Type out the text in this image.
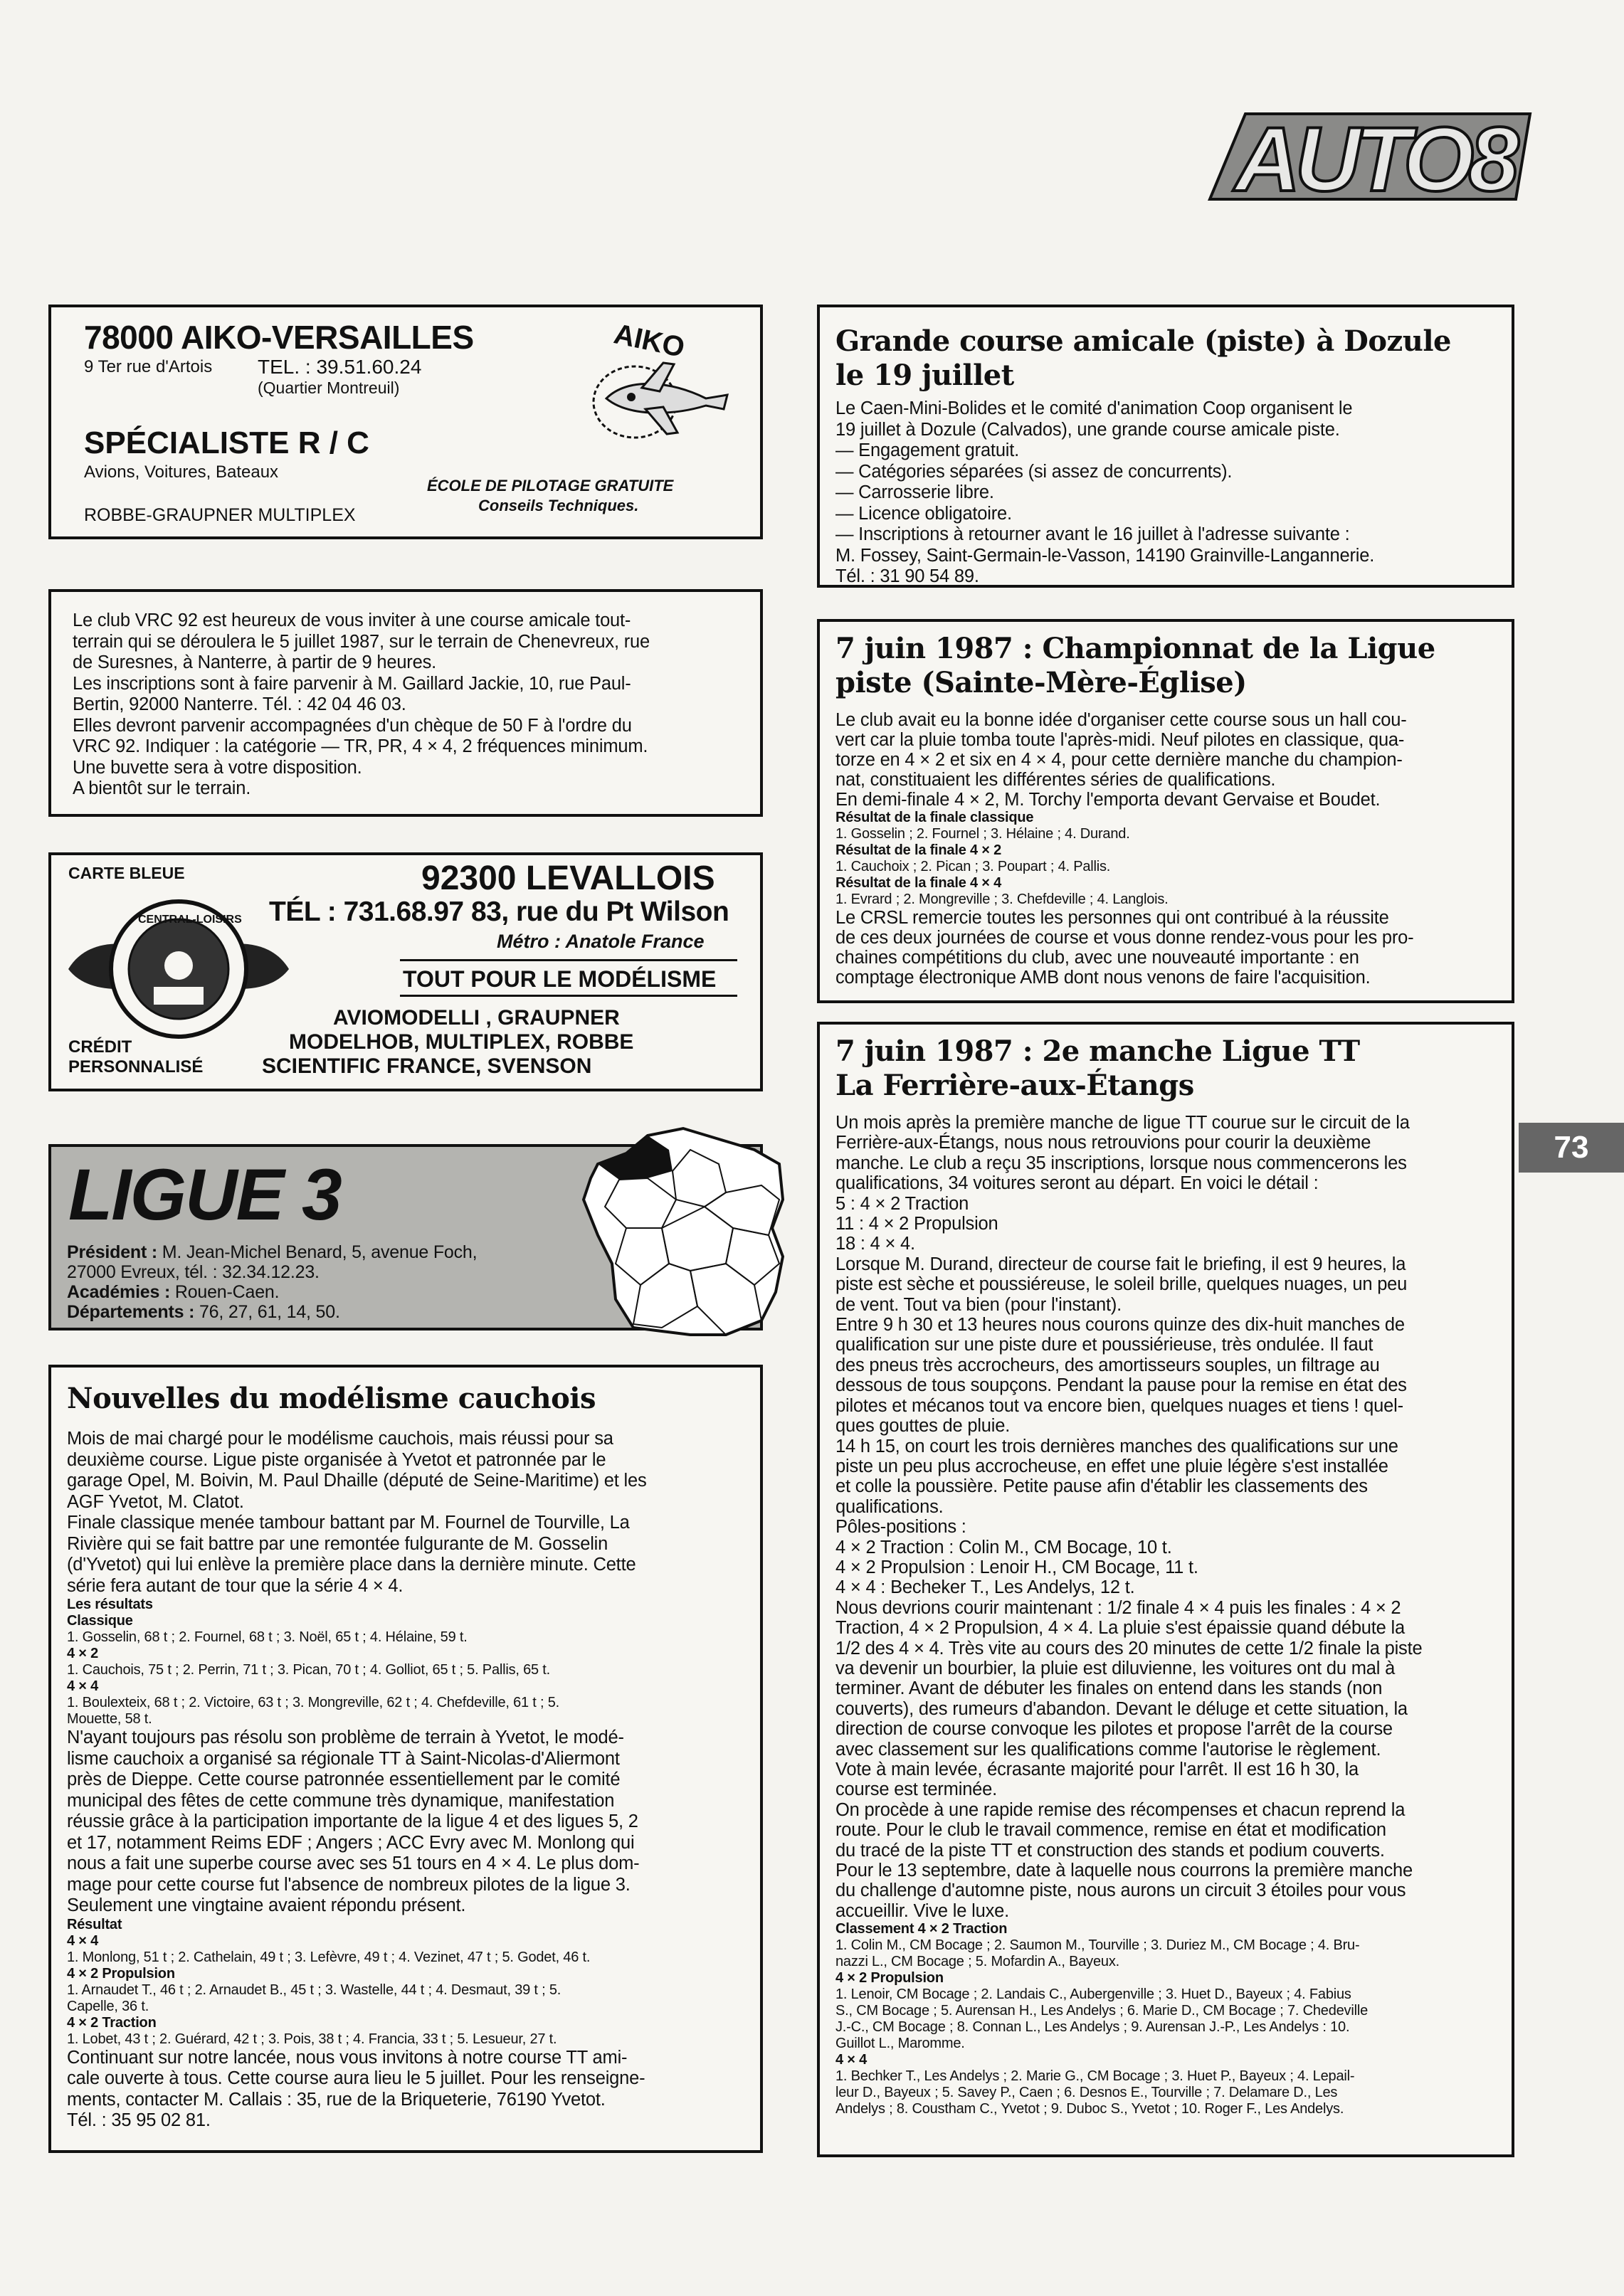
AUTO8
73
78000 AIKO-VERSAILLES
9 Ter rue d'Artois TEL. : 39.51.60.24
(Quartier Montreuil)
SPÉCIALISTE R / C
Avions, Voitures, Bateaux
ROBBE-GRAUPNER MULTIPLEX
ÉCOLE DE PILOTAGE GRATUITE
Conseils Techniques.
AIKO

Le club VRC 92 est heureux de vous inviter à une course amicale tout-

terrain qui se déroulera le 5 juillet 1987, sur le terrain de Chenevreux, rue

de Suresnes, à Nanterre, à partir de 9 heures.

Les inscriptions sont à faire parvenir à M. Gaillard Jackie, 10, rue Paul-

Bertin, 92000 Nanterre. Tél. : 42 04 46 03.

Elles devront parvenir accompagnées d'un chèque de 50 F à l'ordre du

VRC 92. Indiquer : la catégorie — TR, PR, 4 × 4, 2 fréquences minimum.

Une buvette sera à votre disposition.

A bientôt sur le terrain.

CARTE BLEUE
CENTRAL-LOISIRS
92300 LEVALLOIS
TÉL : 731.68.97 83, rue du Pt Wilson
Métro : Anatole France
TOUT POUR LE MODÉLISME
AVIOMODELLI , GRAUPNER
MODELHOB, MULTIPLEX, ROBBE
SCIENTIFIC FRANCE, SVENSON
CRÉDIT
PERSONNALISÉ
LIGUE 3

Président : M. Jean-Michel Benard, 5, avenue Foch,

27000 Evreux, tél. : 32.34.12.23.

Académies : Rouen-Caen.

Départements : 76, 27, 61, 14, 50.

Nouvelles du modélisme cauchois

Mois de mai chargé pour le modélisme cauchois, mais réussi pour sa

deuxième course. Ligue piste organisée à Yvetot et patronnée par le

garage Opel, M. Boivin, M. Paul Dhaille (député de Seine-Maritime) et les

AGF Yvetot, M. Clatot.

Finale classique menée tambour battant par M. Fournel de Tourville, La

Rivière qui se fait battre par une remontée fulgurante de M. Gosselin

(d'Yvetot) qui lui enlève la première place dans la dernière minute. Cette

série fera autant de tour que la série 4 × 4.

Les résultats

Classique

1. Gosselin, 68 t ; 2. Fournel, 68 t ; 3. Noël, 65 t ; 4. Hélaine, 59 t.

4 × 2

1. Cauchois, 75 t ; 2. Perrin, 71 t ; 3. Pican, 70 t ; 4. Golliot, 65 t ; 5. Pallis, 65 t.

4 × 4

1. Boulexteix, 68 t ; 2. Victoire, 63 t ; 3. Mongreville, 62 t ; 4. Chefdeville, 61 t ; 5.

Mouette, 58 t.

N'ayant toujours pas résolu son problème de terrain à Yvetot, le modé-

lisme cauchoix a organisé sa régionale TT à Saint-Nicolas-d'Aliermont

près de Dieppe. Cette course patronnée essentiellement par le comité

municipal des fêtes de cette commune très dynamique, manifestation

réussie grâce à la participation importante de la ligue 4 et des ligues 5, 2

et 17, notamment Reims EDF ; Angers ; ACC Evry avec M. Monlong qui

nous a fait une superbe course avec ses 51 tours en 4 × 4. Le plus dom-

mage pour cette course fut l'absence de nombreux pilotes de la ligue 3.

Seulement une vingtaine avaient répondu présent.

Résultat

4 × 4

1. Monlong, 51 t ; 2. Cathelain, 49 t ; 3. Lefèvre, 49 t ; 4. Vezinet, 47 t ; 5. Godet, 46 t.

4 × 2 Propulsion

1. Arnaudet T., 46 t ; 2. Arnaudet B., 45 t ; 3. Wastelle, 44 t ; 4. Desmaut, 39 t ; 5.

Capelle, 36 t.

4 × 2 Traction

1. Lobet, 43 t ; 2. Guérard, 42 t ; 3. Pois, 38 t ; 4. Francia, 33 t ; 5. Lesueur, 27 t.

Continuant sur notre lancée, nous vous invitons à notre course TT ami-

cale ouverte à tous. Cette course aura lieu le 5 juillet. Pour les renseigne-

ments, contacter M. Callais : 35, rue de la Briqueterie, 76190 Yvetot.

Tél. : 35 95 02 81.

Grande course amicale (piste) à Dozule
le 19 juillet

Le Caen-Mini-Bolides et le comité d'animation Coop organisent le

19 juillet à Dozule (Calvados), une grande course amicale piste.

— Engagement gratuit.

— Catégories séparées (si assez de concurrents).

— Carrosserie libre.

— Licence obligatoire.

— Inscriptions à retourner avant le 16 juillet à l'adresse suivante :

M. Fossey, Saint-Germain-le-Vasson, 14190 Grainville-Langannerie.

Tél. : 31 90 54 89.

7 juin 1987 : Championnat de la Ligue
piste (Sainte-Mère-Église)

Le club avait eu la bonne idée d'organiser cette course sous un hall cou-

vert car la pluie tomba toute l'après-midi. Neuf pilotes en classique, qua-

torze en 4 × 2 et six en 4 × 4, pour cette dernière manche du champion-

nat, constituaient les différentes séries de qualifications.

En demi-finale 4 × 2, M. Torchy l'emporta devant Gervaise et Boudet.

Résultat de la finale classique

1. Gosselin ; 2. Fournel ; 3. Hélaine ; 4. Durand.

Résultat de la finale 4 × 2

1. Cauchoix ; 2. Pican ; 3. Poupart ; 4. Pallis.

Résultat de la finale 4 × 4

1. Evrard ; 2. Mongreville ; 3. Chefdeville ; 4. Langlois.

Le CRSL remercie toutes les personnes qui ont contribué à la réussite

de ces deux journées de course et vous donne rendez-vous pour les pro-

chaines compétitions du club, avec une nouveauté importante : en

comptage électronique AMB dont nous venons de faire l'acquisition.

7 juin 1987 : 2e manche Ligue TT
La Ferrière-aux-Étangs

Un mois après la première manche de ligue TT courue sur le circuit de la

Ferrière-aux-Étangs, nous nous retrouvions pour courir la deuxième

manche. Le club a reçu 35 inscriptions, lorsque nous commencerons les

qualifications, 34 voitures seront au départ. En voici le détail :

5 : 4 × 2 Traction

11 : 4 × 2 Propulsion

18 : 4 × 4.

Lorsque M. Durand, directeur de course fait le briefing, il est 9 heures, la

piste est sèche et poussiéreuse, le soleil brille, quelques nuages, un peu

de vent. Tout va bien (pour l'instant).

Entre 9 h 30 et 13 heures nous courons quinze des dix-huit manches de

qualification sur une piste dure et poussiérieuse, très ondulée. Il faut

des pneus très accrocheurs, des amortisseurs souples, un filtrage au

dessous de tous soupçons. Pendant la pause pour la remise en état des

pilotes et mécanos tout va encore bien, quelques nuages et tiens ! quel-

ques gouttes de pluie.

14 h 15, on court les trois dernières manches des qualifications sur une

piste un peu plus accrocheuse, en effet une pluie légère s'est installée

et colle la poussière. Petite pause afin d'établir les classements des

qualifications.

Pôles-positions :

4 × 2 Traction : Colin M., CM Bocage, 10 t.

4 × 2 Propulsion : Lenoir H., CM Bocage, 11 t.

4 × 4 : Becheker T., Les Andelys, 12 t.

Nous devrions courir maintenant : 1/2 finale 4 × 4 puis les finales : 4 × 2

Traction, 4 × 2 Propulsion, 4 × 4. La pluie s'est épaissie quand débute la

1/2 des 4 × 4. Très vite au cours des 20 minutes de cette 1/2 finale la piste

va devenir un bourbier, la pluie est diluvienne, les voitures ont du mal à

terminer. Avant de débuter les finales on entend dans les stands (non

couverts), des rumeurs d'abandon. Devant le déluge et cette situation, la

direction de course convoque les pilotes et propose l'arrêt de la course

avec classement sur les qualifications comme l'autorise le règlement.

Vote à main levée, écrasante majorité pour l'arrêt. Il est 16 h 30, la

course est terminée.

On procède à une rapide remise des récompenses et chacun reprend la

route. Pour le club le travail commence, remise en état et modification

du tracé de la piste TT et construction des stands et podium couverts.

Pour le 13 septembre, date à laquelle nous courrons la première manche

du challenge d'automne piste, nous aurons un circuit 3 étoiles pour vous

accueillir. Vive le luxe.

Classement 4 × 2 Traction

1. Colin M., CM Bocage ; 2. Saumon M., Tourville ; 3. Duriez M., CM Bocage ; 4. Bru-

nazzi L., CM Bocage ; 5. Mofardin A., Bayeux.

4 × 2 Propulsion

1. Lenoir, CM Bocage ; 2. Landais C., Aubergenville ; 3. Huet D., Bayeux ; 4. Fabius

S., CM Bocage ; 5. Aurensan H., Les Andelys ; 6. Marie D., CM Bocage ; 7. Chedeville

J.-C., CM Bocage ; 8. Connan L., Les Andelys ; 9. Aurensan J.-P., Les Andelys : 10.

Guillot L., Maromme.

4 × 4

1. Bechker T., Les Andelys ; 2. Marie G., CM Bocage ; 3. Huet P., Bayeux ; 4. Lepail-

leur D., Bayeux ; 5. Savey P., Caen ; 6. Desnos E., Tourville ; 7. Delamare D., Les

Andelys ; 8. Coustham C., Yvetot ; 9. Duboc S., Yvetot ; 10. Roger F., Les Andelys.
